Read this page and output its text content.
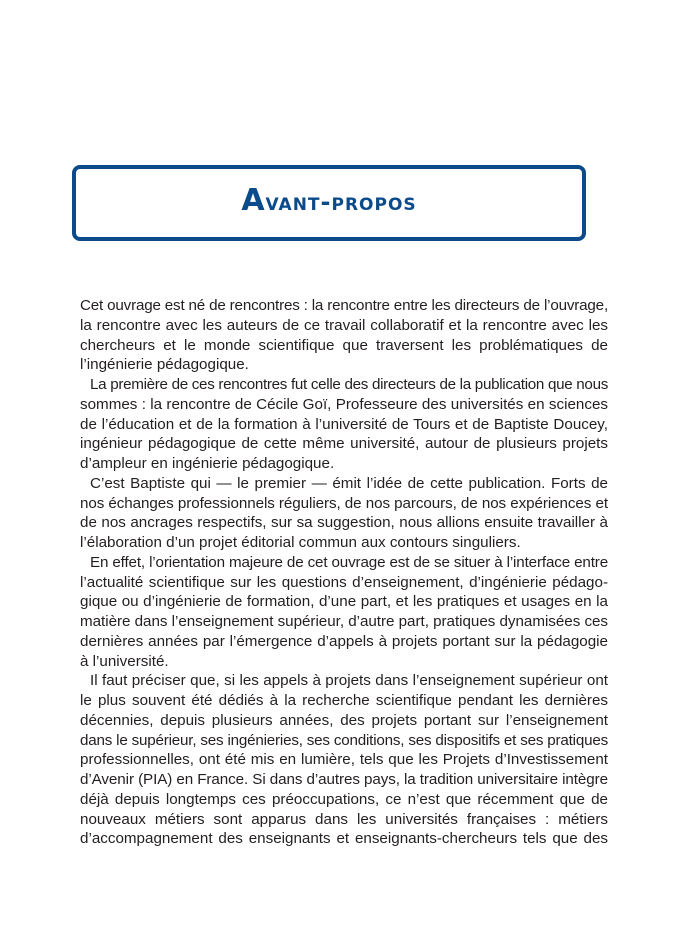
Avant-propos
Cet ouvrage est né de rencontres : la rencontre entre les directeurs de l’ouvrage,
la rencontre avec les auteurs de ce travail collaboratif et la rencontre avec les
chercheurs et le monde scientifique que traversent les problématiques de
l’ingénierie pédagogique.
La première de ces rencontres fut celle des directeurs de la publication que nous
sommes : la rencontre de Cécile Goï, Professeure des universités en sciences
de l’éducation et de la formation à l’université de Tours et de Baptiste Doucey,
ingénieur pédagogique de cette même université, autour de plusieurs projets
d’ampleur en ingénierie pédagogique.
C’est Baptiste qui — le premier — émit l’idée de cette publication. Forts de
nos échanges professionnels réguliers, de nos parcours, de nos expériences et
de nos ancrages respectifs, sur sa suggestion, nous allions ensuite travailler à
l’élaboration d’un projet éditorial commun aux contours singuliers.
En effet, l’orientation majeure de cet ouvrage est de se situer à l’interface entre
l’actualité scientifique sur les questions d’enseignement, d’ingénierie pédago-
gique ou d’ingénierie de formation, d’une part, et les pratiques et usages en la
matière dans l’enseignement supérieur, d’autre part, pratiques dynamisées ces
dernières années par l’émergence d’appels à projets portant sur la pédagogie
à l’université.
Il faut préciser que, si les appels à projets dans l’enseignement supérieur ont
le plus souvent été dédiés à la recherche scientifique pendant les dernières
décennies, depuis plusieurs années, des projets portant sur l’enseignement
dans le supérieur, ses ingénieries, ses conditions, ses dispositifs et ses pratiques
professionnelles, ont été mis en lumière, tels que les Projets d’Investissement
d’Avenir (PIA) en France. Si dans d’autres pays, la tradition universitaire intègre
déjà depuis longtemps ces préoccupations, ce n’est que récemment que de
nouveaux métiers sont apparus dans les universités françaises : métiers
d’accompagnement des enseignants et enseignants-chercheurs tels que des
